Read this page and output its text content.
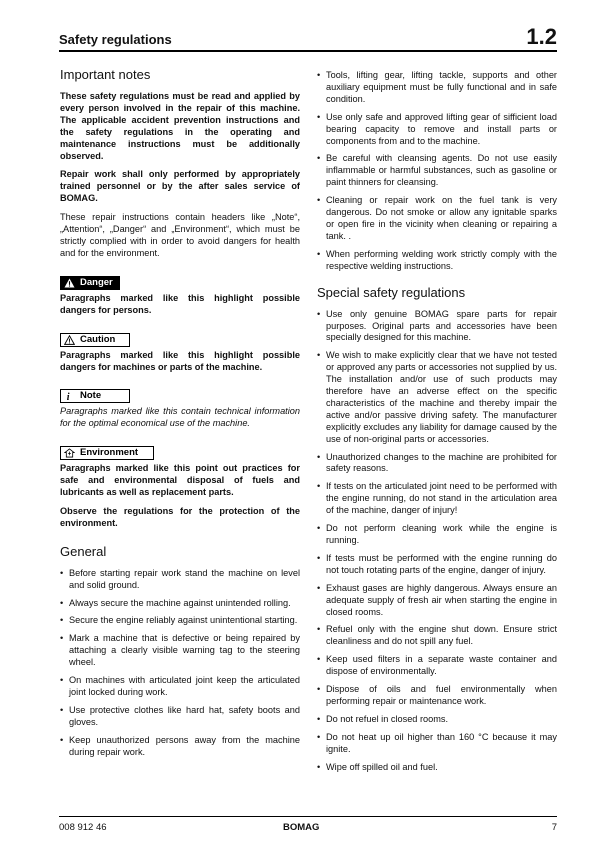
Safety regulations	1.2
Important notes

These safety regulations must be read and applied by every person involved in the repair of this machine. The applicable accident prevention instructions and the safety regulations in the operating and maintenance instructions must be additionally observed.

Repair work shall only performed by appropriately trained personnel or by the after sales service of BOMAG.

These repair instructions contain headers like „Note“, „Attention“, „Danger“ and „Environment“, which must be strictly complied with in order to avoid dangers for health and for the environment.

Danger

Paragraphs marked like this highlight possible dangers for persons.

Caution

Paragraphs marked like this highlight possible dangers for machines or parts of the machine.

i Note

Paragraphs marked like this contain technical information for the optimal economical use of the machine.

Environment

Paragraphs marked like this point out practices for safe and environmental disposal of fuels and lubricants as well as replacement parts.

Observe the regulations for the protection of the environment.

General
• Before starting repair work stand the machine on level and solid ground.
• Always secure the machine against unintended rolling.
• Secure the engine reliably against unintentional starting.
• Mark a machine that is defective or being repaired by attaching a clearly visible warning tag to the steering wheel.
• On machines with articulated joint keep the articulated joint locked during work.
• Use protective clothes like hard hat, safety boots and gloves.
• Keep unauthorized persons away from the machine during repair work.
• Tools, lifting gear, lifting tackle, supports and other auxiliary equipment must be fully functional and in safe condition.
• Use only safe and approved lifting gear of sifficient load bearing capacity to remove and install parts or components from and to the machine.
• Be careful with cleansing agents. Do not use easily inflammable or harmful substances, such as gasoline or paint thinners for cleansing.
• Cleaning or repair work on the fuel tank is very dangerous. Do not smoke or allow any ignitable sparks or open fire in the vicinity when cleaning or repairing a tank. .
• When performing welding work strictly comply with the respective welding instructions.
Special safety regulations
• Use only genuine BOMAG spare parts for repair purposes. Original parts and accessories have been specially designed for this machine.
• We wish to make explicitly clear that we have not tested or approved any parts or accessories not supplied by us. The installation and/or use of such products may therefore have an adverse effect on the specific characteristics of the machine and thereby impair the active and/or passive driving safety. The manufacturer explicitly excludes any liability for damage caused by the use of non-original parts or accessories.
• Unauthorized changes to the machine are prohibited for safety reasons.
• If tests on the articulated joint need to be performed with the engine running, do not stand in the articulation area of the machine, danger of injury!
• Do not perform cleaning work while the engine is running.
• If tests must be performed with the engine running do not touch rotating parts of the engine, danger of injury.
• Exhaust gases are highly dangerous. Always ensure an adequate supply of fresh air when starting the engine in closed rooms.
• Refuel only with the engine shut down. Ensure strict cleanliness and do not spill any fuel.
• Keep used filters in a separate waste container and dispose of environmentally.
• Dispose of oils and fuel environmentally when performing repair or maintenance work.
• Do not refuel in closed rooms.
• Do not heat up oil higher than 160 °C because it may ignite.
• Wipe off spilled oil and fuel.
008 912 46	BOMAG	7
